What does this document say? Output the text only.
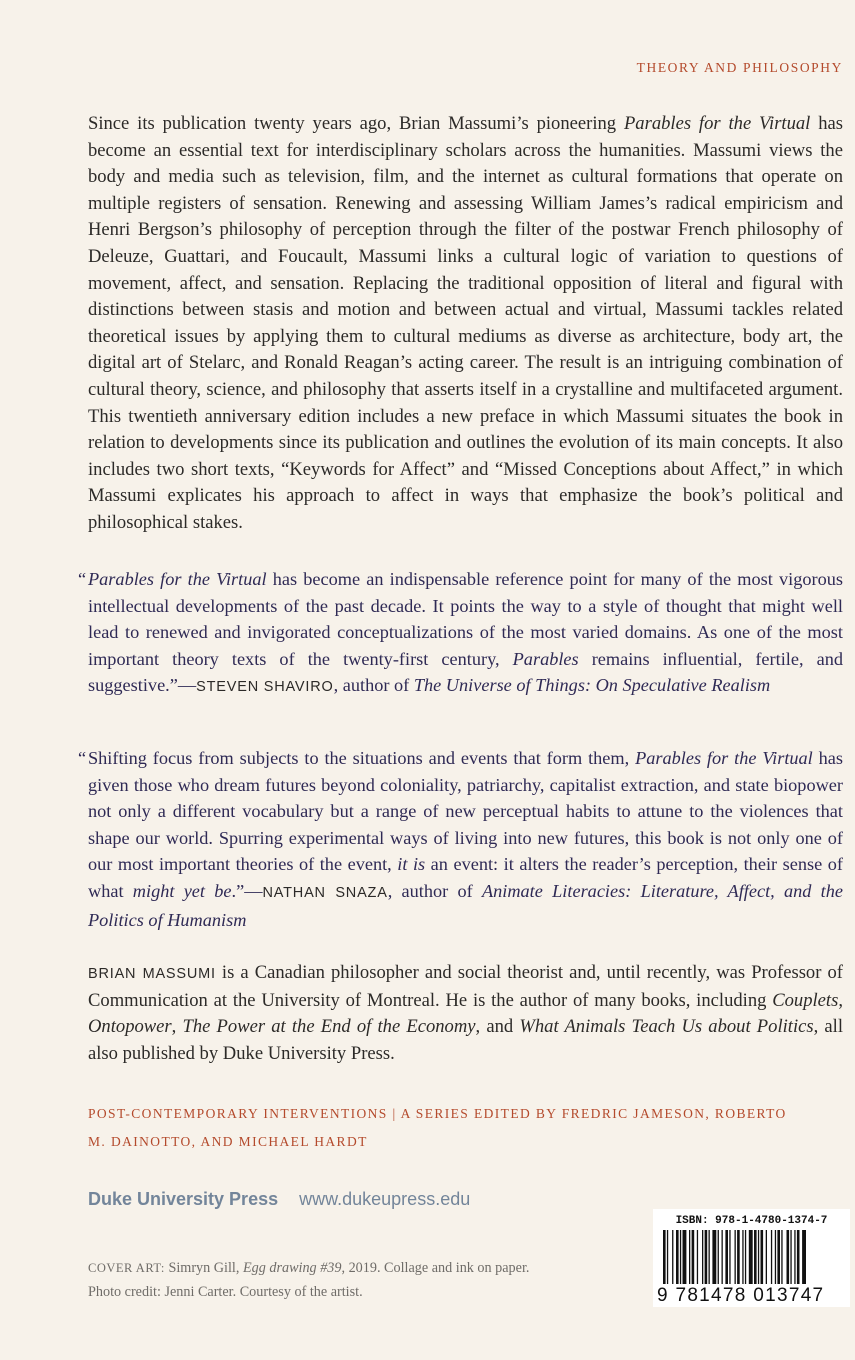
THEORY AND PHILOSOPHY

Since its publication twenty years ago, Brian Massumi’s pioneering Parables for the Virtual has become an essential text for interdisciplinary scholars across the humanities. Massumi views the body and media such as television, film, and the internet as cultural formations that operate on multiple registers of sensation. Renewing and assessing William James’s radical empiricism and Henri Bergson’s philosophy of perception through the filter of the postwar French philosophy of Deleuze, Guattari, and Foucault, Massumi links a cultural logic of variation to questions of movement, affect, and sensation. Replacing the traditional opposition of literal and figural with distinctions between stasis and motion and between actual and virtual, Massumi tackles related theoretical issues by applying them to cultural mediums as diverse as architecture, body art, the digital art of Stelarc, and Ronald Reagan’s acting career. The result is an intriguing combination of cultural theory, science, and philosophy that asserts itself in a crystalline and multifaceted argument. This twentieth anniversary edition includes a new preface in which Massumi situates the book in relation to developments since its publication and outlines the evolution of its main concepts. It also includes two short texts, “Keywords for Affect” and “Missed Conceptions about Affect,” in which Massumi explicates his approach to affect in ways that emphasize the book’s political and philosophical stakes.

“ Parables for the Virtual has become an indispensable reference point for many of the most vigorous intellectual developments of the past decade. It points the way to a style of thought that might well lead to renewed and invigorated conceptualizations of the most varied domains. As one of the most important theory texts of the twenty-first century, Parables remains influential, fertile, and suggestive.”—STEVEN SHAVIRO, author of The Universe of Things: On Speculative Realism

“ Shifting focus from subjects to the situations and events that form them, Parables for the Virtual has given those who dream futures beyond coloniality, patriarchy, capitalist extraction, and state biopower not only a different vocabulary but a range of new perceptual habits to attune to the violences that shape our world. Spurring experimental ways of living into new futures, this book is not only one of our most important theories of the event, it is an event: it alters the reader’s perception, their sense of what might yet be.”—NATHAN SNAZA, author of Animate Literacies: Literature, Affect, and the Politics of Humanism

BRIAN MASSUMI is a Canadian philosopher and social theorist and, until recently, was Professor of Communication at the University of Montreal. He is the author of many books, including Couplets, Ontopower, The Power at the End of the Economy, and What Animals Teach Us about Politics, all also published by Duke University Press.

POST-CONTEMPORARY INTERVENTIONS | A SERIES EDITED BY FREDRIC JAMESON, ROBERTO M. DAINOTTO, AND MICHAEL HARDT
Duke University Press www.dukeupress.edu
COVER ART: Simryn Gill, Egg drawing #39, 2019. Collage and ink on paper.
Photo credit: Jenni Carter. Courtesy of the artist.
ISBN: 978-1-4780-1374-7
9 781478 013747
